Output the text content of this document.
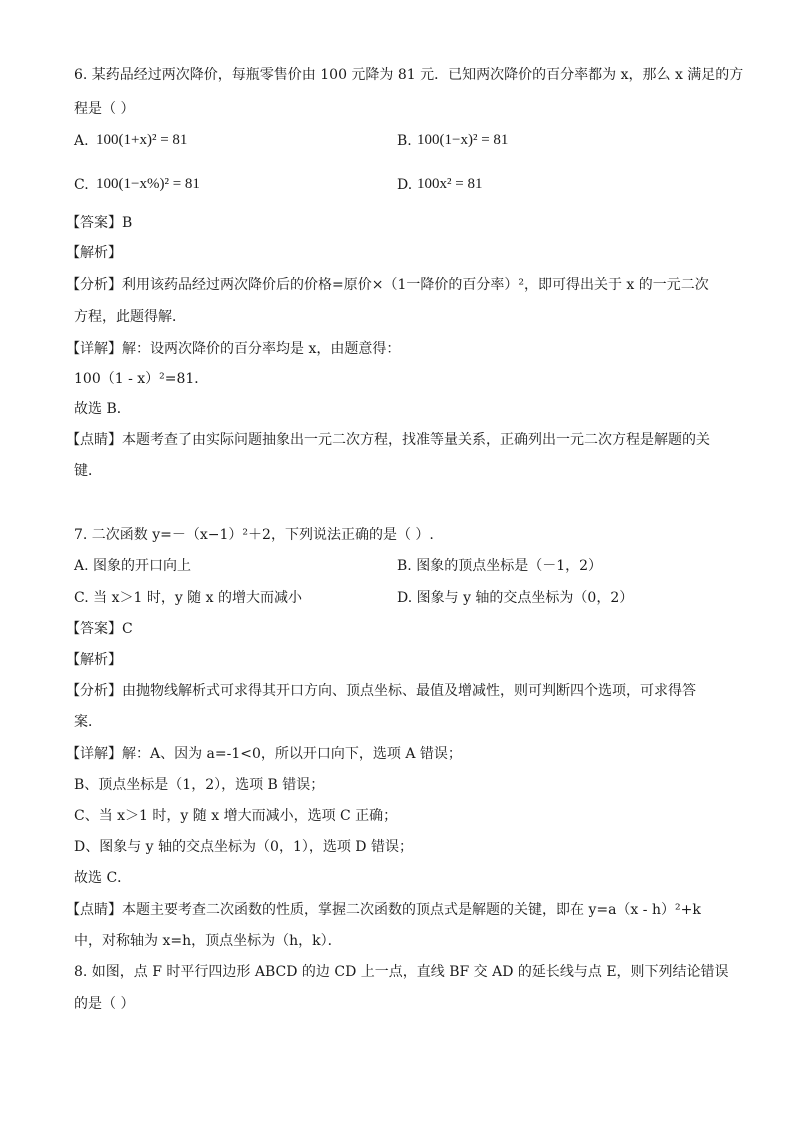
6. 某药品经过两次降价，每瓶零售价由 100 元降为 81 元．已知两次降价的百分率都为 x，那么 x 满足的方
程是（ ）
A. 100(1+x)² = 81	B. 100(1−x)² = 81
C. 100(1−x%)² = 81	D. 100x² = 81
【答案】B
【解析】
【分析】利用该药品经过两次降价后的价格=原价×（1一降价的百分率）²，即可得出关于 x 的一元二次
方程，此题得解．
【详解】解：设两次降价的百分率均是 x，由题意得：
100（1 - x）²=81．
故选 B．
【点睛】本题考查了由实际问题抽象出一元二次方程，找准等量关系，正确列出一元二次方程是解题的关
键．
7. 二次函数 y=－（x−1）²＋2，下列说法正确的是（ ）.
A. 图象的开口向上	B. 图象的顶点坐标是（－1，2）
C. 当 x＞1 时，y 随 x 的增大而减小	D. 图象与 y 轴的交点坐标为（0，2）
【答案】C
【解析】
【分析】由抛物线解析式可求得其开口方向、顶点坐标、最值及增减性，则可判断四个选项，可求得答
案．
【详解】解：A、因为 a=-1<0，所以开口向下，选项 A 错误；
B、顶点坐标是（1，2），选项 B 错误；
C、当 x＞1 时，y 随 x 增大而减小，选项 C 正确；
D、图象与 y 轴的交点坐标为（0，1），选项 D 错误；
故选 C．
【点睛】本题主要考查二次函数的性质，掌握二次函数的顶点式是解题的关键，即在 y=a（x - h）²+k
中，对称轴为 x=h，顶点坐标为（h，k）．
8. 如图，点 F 时平行四边形 ABCD 的边 CD 上一点，直线 BF 交 AD 的延长线与点 E，则下列结论错误
的是（ ）
